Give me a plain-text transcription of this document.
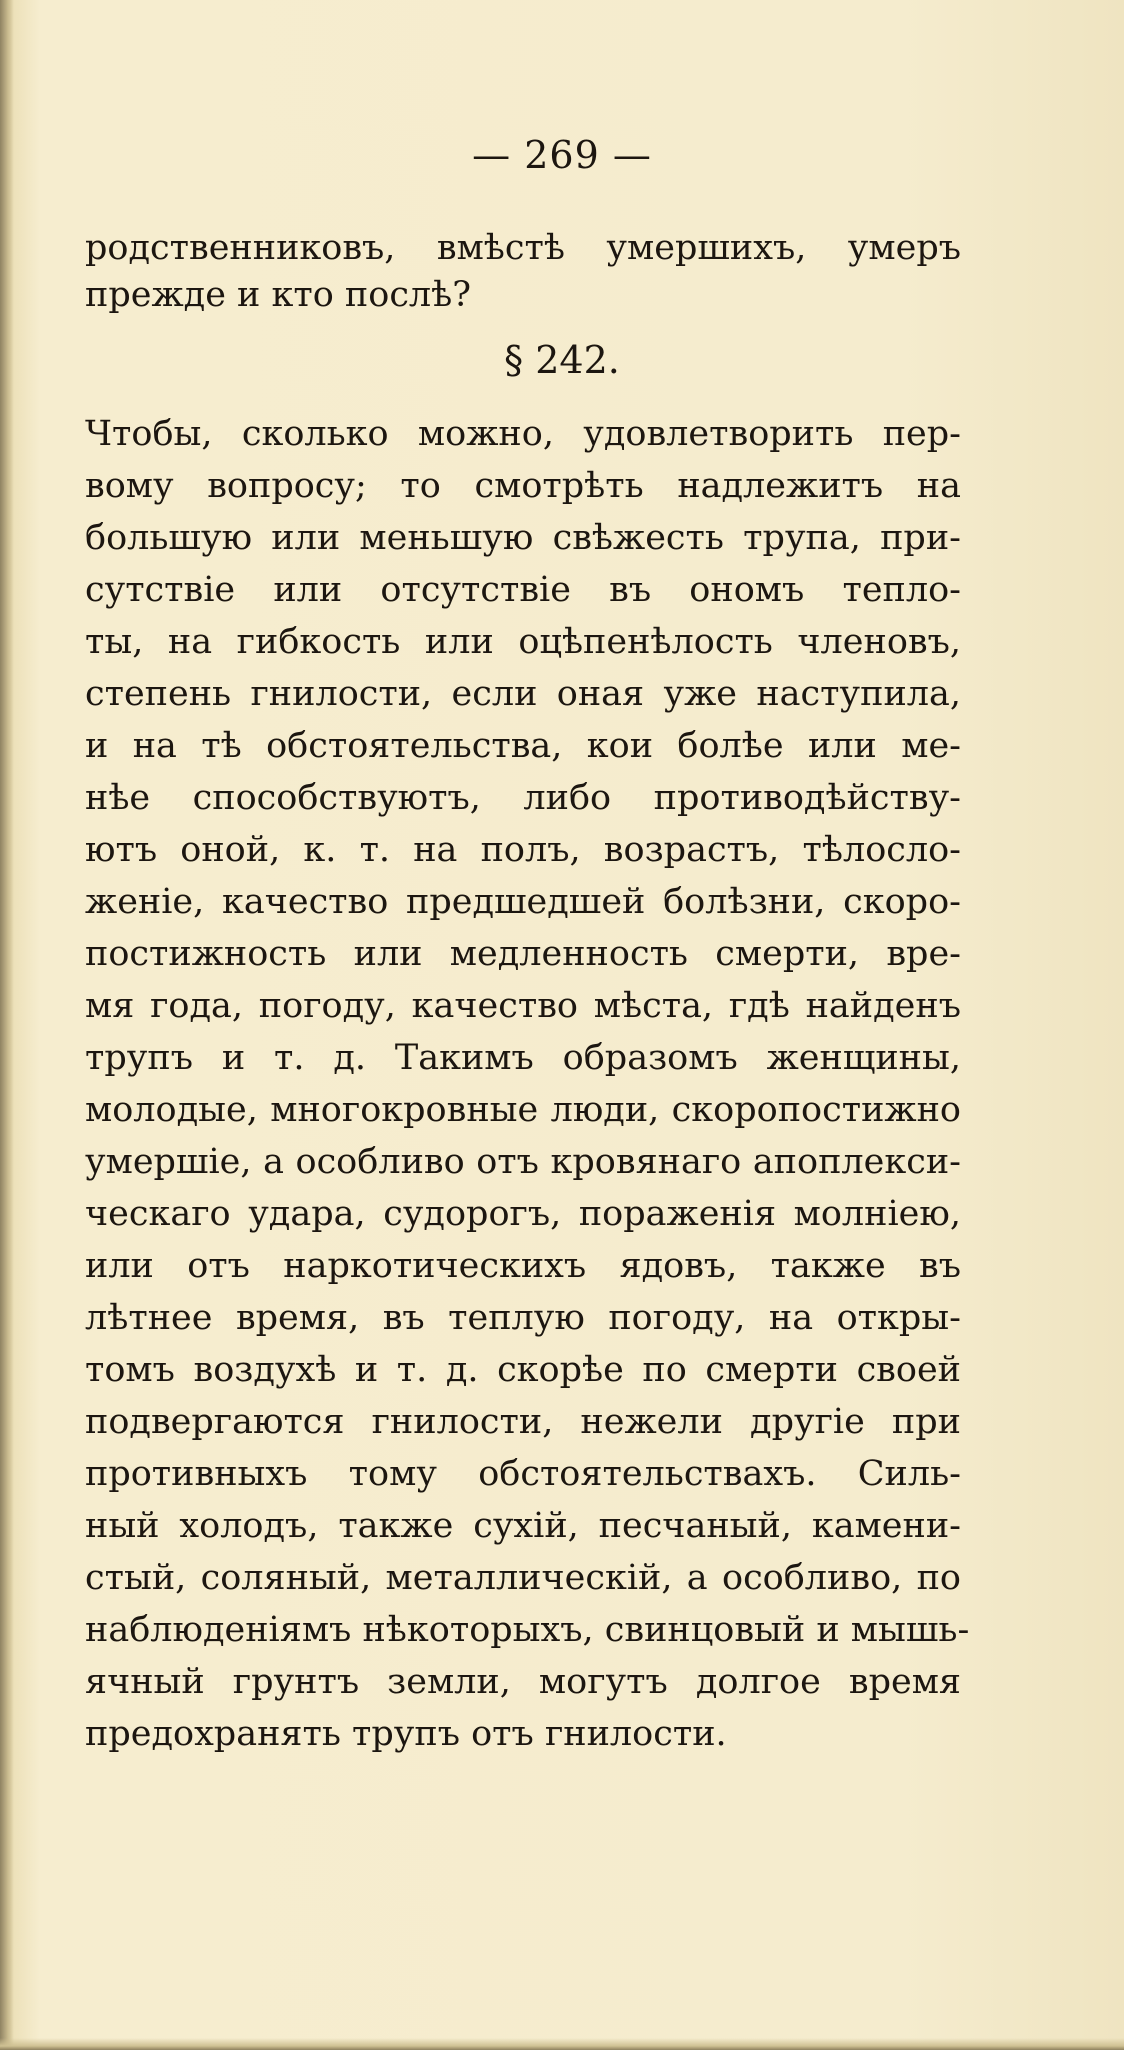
— 269 —
родственниковъ, вмѣстѣ умершихъ, умеръ
прежде и кто послѣ?
§ 242.
Чтобы, сколько можно, удовлетворить пер-
вому вопросу; то смотрѣть надлежитъ на
большую или меньшую свѣжесть трупа, при-
сутствіе или отсутствіе въ ономъ тепло-
ты, на гибкость или оцѣпенѣлость членовъ,
степень гнилости, если оная уже наступила,
и на тѣ обстоятельства, кои болѣе или ме-
нѣе способствуютъ, либо противодѣйству-
ютъ оной, к. т. на полъ, возрастъ, тѣлосло-
женіе, качество предшедшей болѣзни, скоро-
постижность или медленность смерти, вре-
мя года, погоду, качество мѣста, гдѣ найденъ
трупъ и т. д. Такимъ образомъ женщины,
молодые, многокровные люди, скоропостижно
умершіе, а особливо отъ кровянаго апоплекси-
ческаго удара, судорогъ, пораженія молніею,
или отъ наркотическихъ ядовъ, также въ
лѣтнее время, въ теплую погоду, на откры-
томъ воздухѣ и т. д. скорѣе по смерти своей
подвергаются гнилости, нежели другіе при
противныхъ тому обстоятельствахъ. Силь-
ный холодъ, также сухій, песчаный, камени-
стый, соляный, металлическій, а особливо, по
наблюденіямъ нѣкоторыхъ, свинцовый и мышь-
ячный грунтъ земли, могутъ долгое время
предохранять трупъ отъ гнилости.
